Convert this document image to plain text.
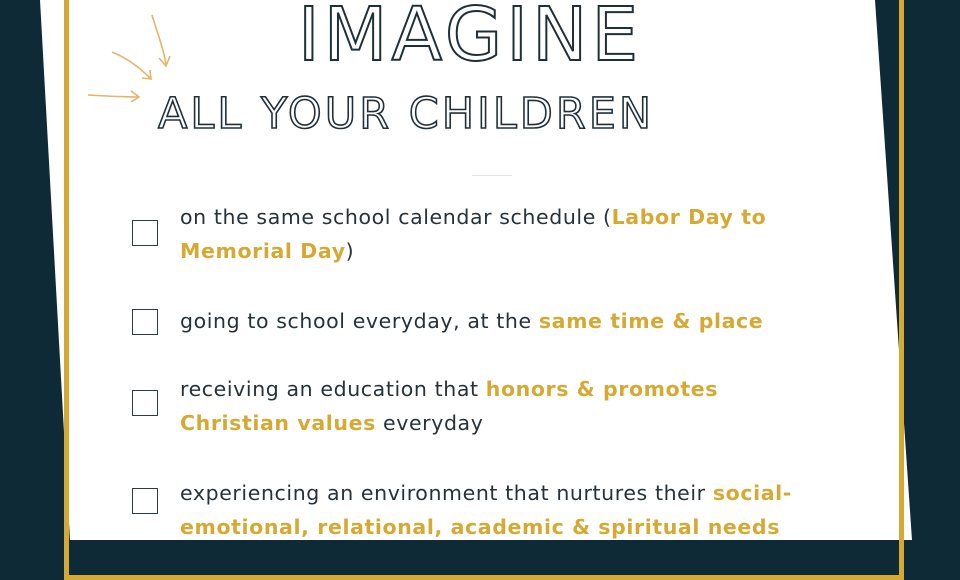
IMAGINE
ALL YOUR CHILDREN
on the same school calendar schedule (Labor Day to Memorial Day)
going to school everyday, at the same time & place
receiving an education that honors & promotes Christian values everyday
experiencing an environment that nurtures their social-emotional, relational, academic & spiritual needs
